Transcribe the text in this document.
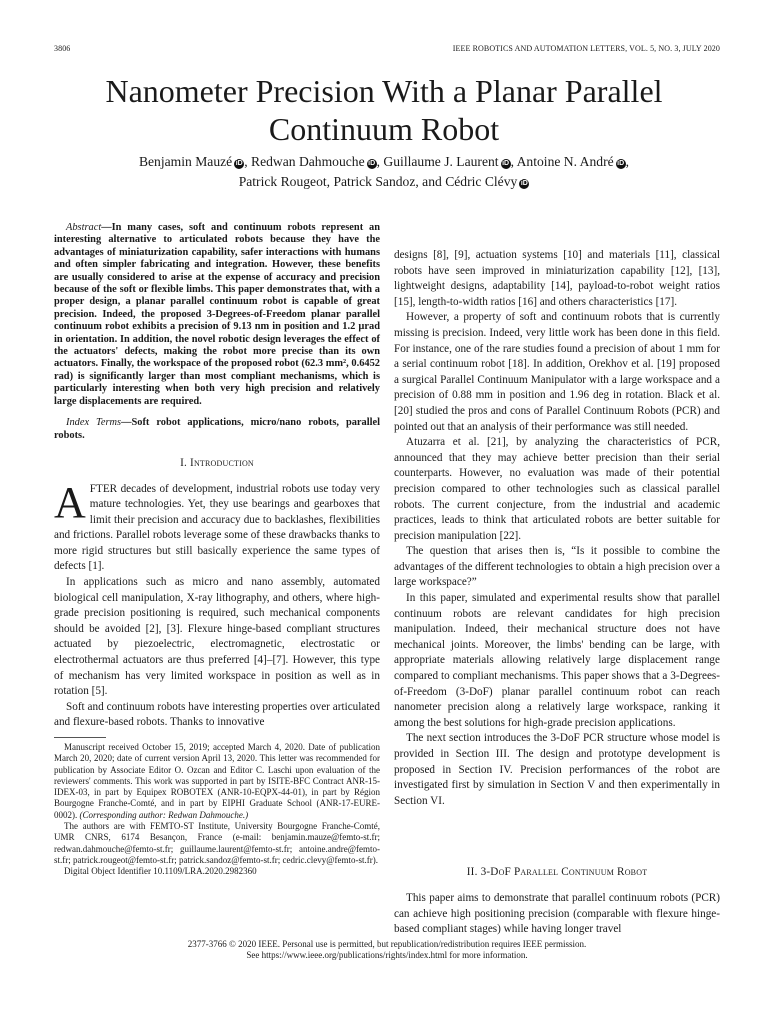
3806	IEEE ROBOTICS AND AUTOMATION LETTERS, VOL. 5, NO. 3, JULY 2020
Nanometer Precision With a Planar Parallel Continuum Robot
Benjamin Mauzé iD , Redwan Dahmouche iD , Guillaume J. Laurent iD , Antoine N. André iD ,
Patrick Rougeot, Patrick Sandoz, and Cédric Clévy iD

Abstract—In many cases, soft and continuum robots represent an interesting alternative to articulated robots because they have the advantages of miniaturization capability, safer interactions with humans and often simpler fabricating and integration. However, these benefits are usually considered to arise at the expense of accuracy and precision because of the soft or flexible limbs. This paper demonstrates that, with a proper design, a planar parallel continuum robot is capable of great precision. Indeed, the proposed 3-Degrees-of-Freedom planar parallel continuum robot exhibits a precision of 9.13 nm in position and 1.2 µrad in orientation. In addition, the novel robotic design leverages the effect of the actuators' defects, making the robot more precise than its own actuators. Finally, the workspace of the proposed robot (62.3 mm², 0.6452 rad) is significantly larger than most compliant mechanisms, which is particularly interesting when both very high precision and relatively large displacements are required.

Index Terms—Soft robot applications, micro/nano robots, parallel robots.

I. Introduction

AFTER decades of development, industrial robots use today very mature technologies. Yet, they use bearings and gearboxes that limit their precision and accuracy due to backlashes, flexibilities and frictions. Parallel robots leverage some of these drawbacks thanks to more rigid structures but still basically experience the same types of defects [1].

In applications such as micro and nano assembly, automated biological cell manipulation, X-ray lithography, and others, where high-grade precision positioning is required, such mechanical components should be avoided [2], [3]. Flexure hinge-based compliant structures actuated by piezoelectric, electromagnetic, electrostatic or electrothermal actuators are thus preferred [4]–[7]. However, this type of mechanism has very limited workspace in position as well as in rotation [5].

Soft and continuum robots have interesting properties over articulated and flexure-based robots. Thanks to innovative

Manuscript received October 15, 2019; accepted March 4, 2020. Date of publication March 20, 2020; date of current version April 13, 2020. This letter was recommended for publication by Associate Editor O. Ozcan and Editor C. Laschi upon evaluation of the reviewers' comments. This work was supported in part by ISITE-BFC Contract ANR-15-IDEX-03, in part by Equipex ROBOTEX (ANR-10-EQPX-44-01), in part by Région Bourgogne Franche-Comté, and in part by EIPHI Graduate School (ANR-17-EURE-0002). (Corresponding author: Redwan Dahmouche.)

The authors are with FEMTO-ST Institute, University Bourgogne Franche-Comté, UMR CNRS, 6174 Besançon, France (e-mail: benjamin.mauze@femto-st.fr; redwan.dahmouche@femto-st.fr; guillaume.laurent@femto-st.fr; antoine.andre@femto-st.fr; patrick.rougeot@femto-st.fr; patrick.sandoz@femto-st.fr; cedric.clevy@femto-st.fr).

Digital Object Identifier 10.1109/LRA.2020.2982360

designs [8], [9], actuation systems [10] and materials [11], classical robots have seen improved in miniaturization capability [12], [13], lightweight designs, adaptability [14], payload-to-robot weight ratios [15], length-to-width ratios [16] and others characteristics [17].

However, a property of soft and continuum robots that is currently missing is precision. Indeed, very little work has been done in this field. For instance, one of the rare studies found a precision of about 1 mm for a serial continuum robot [18]. In addition, Orekhov et al. [19] proposed a surgical Parallel Continuum Manipulator with a large workspace and a precision of 0.88 mm in position and 1.96 deg in rotation. Black et al. [20] studied the pros and cons of Parallel Continuum Robots (PCR) and pointed out that an analysis of their performance was still needed.

Atuzarra et al. [21], by analyzing the characteristics of PCR, announced that they may achieve better precision than their serial counterparts. However, no evaluation was made of their potential precision compared to other technologies such as classical parallel robots. The current conjecture, from the industrial and academic practices, leads to think that articulated robots are better suitable for precision manipulation [22].

The question that arises then is, “Is it possible to combine the advantages of the different technologies to obtain a high precision over a large workspace?”

In this paper, simulated and experimental results show that parallel continuum robots are relevant candidates for high precision manipulation. Indeed, their mechanical structure does not have mechanical joints. Moreover, the limbs' bending can be large, with appropriate materials allowing relatively large displacement range compared to compliant mechanisms. This paper shows that a 3-Degrees-of-Freedom (3-DoF) planar parallel continuum robot can reach nanometer precision along a relatively large workspace, ranking it among the best solutions for high-grade precision applications.

The next section introduces the 3-DoF PCR structure whose model is provided in Section III. The design and prototype development is proposed in Section IV. Precision performances of the robot are investigated first by simulation in Section V and then experimentally in Section VI.

II. 3-DoF Parallel Continuum Robot

This paper aims to demonstrate that parallel continuum robots (PCR) can achieve high positioning precision (comparable with flexure hinge-based compliant stages) while having longer travel

2377-3766 © 2020 IEEE. Personal use is permitted, but republication/redistribution requires IEEE permission.
See https://www.ieee.org/publications/rights/index.html for more information.
